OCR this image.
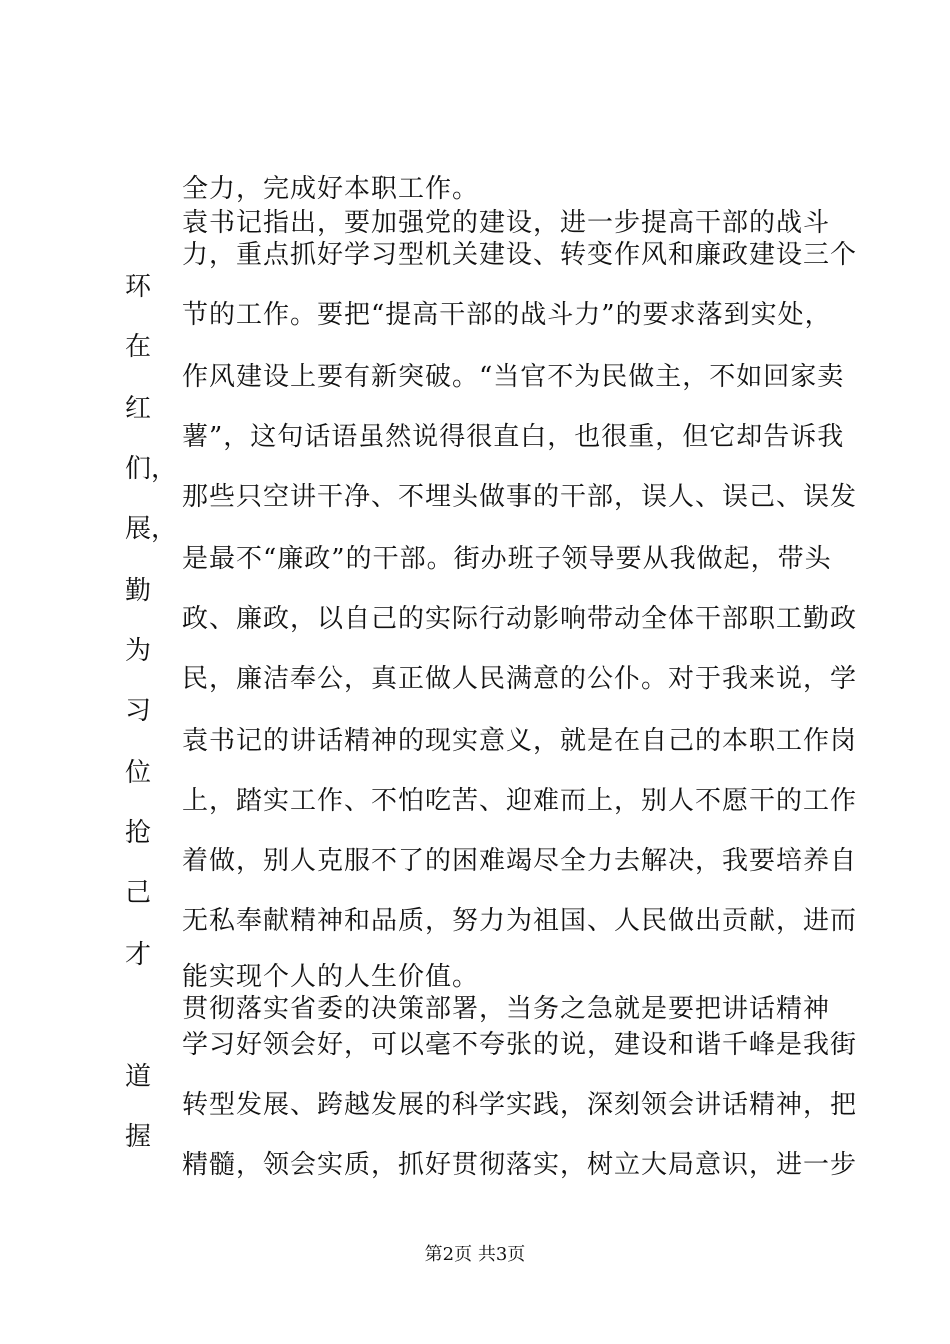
全力，完成好本职工作。
袁书记指出，要加强党的建设，进一步提高干部的战斗
力，重点抓好学习型机关建设、转变作风和廉政建设三个
节的工作。要把“提高干部的战斗力”的要求落到实处，
作风建设上要有新突破。“当官不为民做主，不如回家卖
薯”，这句话语虽然说得很直白，也很重，但它却告诉我
那些只空讲干净、不埋头做事的干部，误人、误己、误发
是最不“廉政”的干部。街办班子领导要从我做起，带头
政、廉政，以自己的实际行动影响带动全体干部职工勤政
民，廉洁奉公，真正做人民满意的公仆。对于我来说，学
袁书记的讲话精神的现实意义，就是在自己的本职工作岗
上，踏实工作、不怕吃苦、迎难而上，别人不愿干的工作
着做，别人克服不了的困难竭尽全力去解决，我要培养自
无私奉献精神和品质，努力为祖国、人民做出贡献，进而
能实现个人的人生价值。
贯彻落实省委的决策部署，当务之急就是要把讲话精神
学习好领会好，可以毫不夸张的说，建设和谐千峰是我街
转型发展、跨越发展的科学实践，深刻领会讲话精神，把
精髓，领会实质，抓好贯彻落实，树立大局意识，进一步
环
在
红
们，
展，
勤
为
习
位
抢
己
才
道
握
第2页 共3页
